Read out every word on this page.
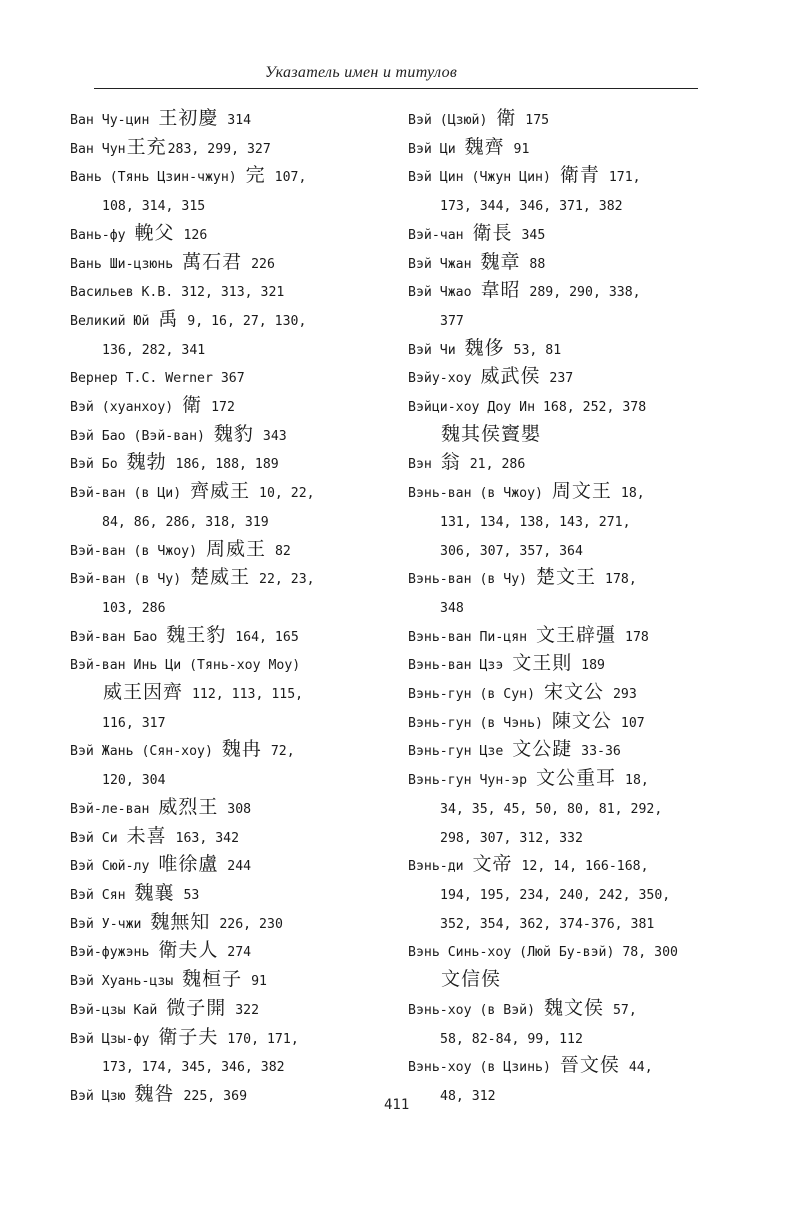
Указатель имен и титулов
Ван Чу-цин 王初慶 314
Ван Чун王充283, 299, 327
Вань (Тянь Цзин-чжун) 完 107,
108, 314, 315
Вань-фу 輓父 126
Вань Ши-цзюнь 萬石君 226
Васильев К.В. 312, 313, 321
Великий Юй 禹 9, 16, 27, 130,
136, 282, 341
Вернер Т.С. Werner 367
Вэй (хуанхоу) 衛 172
Вэй Бао (Вэй-ван) 魏豹 343
Вэй Бо 魏勃 186, 188, 189
Вэй-ван (в Ци) 齊威王 10, 22,
84, 86, 286, 318, 319
Вэй-ван (в Чжоу) 周威王 82
Вэй-ван (в Чу) 楚威王 22, 23,
103, 286
Вэй-ван Бао 魏王豹 164, 165
Вэй-ван Инь Ци (Тянь-хоу Моу)
威王因齊 112, 113, 115,
116, 317
Вэй Жань (Сян-хоу) 魏冉 72,
120, 304
Вэй-ле-ван 威烈王 308
Вэй Си 未喜 163, 342
Вэй Сюй-лу 唯徐盧 244
Вэй Сян 魏襄 53
Вэй У-чжи 魏無知 226, 230
Вэй-фужэнь 衛夫人 274
Вэй Хуань-цзы 魏桓子 91
Вэй-цзы Кай 微子開 322
Вэй Цзы-фу 衛子夫 170, 171,
173, 174, 345, 346, 382
Вэй Цзю 魏咎 225, 369
Вэй (Цзюй) 衛 175
Вэй Ци 魏齊 91
Вэй Цин (Чжун Цин) 衛青 171,
173, 344, 346, 371, 382
Вэй-чан 衛長 345
Вэй Чжан 魏章 88
Вэй Чжао 韋昭 289, 290, 338,
377
Вэй Чи 魏侈 53, 81
Вэйу-хоу 威武侯 237
Вэйци-хоу Доу Ин 168, 252, 378
魏其侯竇嬰
Вэн 翁 21, 286
Вэнь-ван (в Чжоу) 周文王 18,
131, 134, 138, 143, 271,
306, 307, 357, 364
Вэнь-ван (в Чу) 楚文王 178,
348
Вэнь-ван Пи-цян 文王辟彊 178
Вэнь-ван Цзэ 文王則 189
Вэнь-гун (в Сун) 宋文公 293
Вэнь-гун (в Чэнь) 陳文公 107
Вэнь-гун Цзе 文公踕 33-36
Вэнь-гун Чун-эр 文公重耳 18,
34, 35, 45, 50, 80, 81, 292,
298, 307, 312, 332
Вэнь-ди 文帝 12, 14, 166-168,
194, 195, 234, 240, 242, 350,
352, 354, 362, 374-376, 381
Вэнь Синь-хоу (Люй Бу-вэй) 78, 300
文信侯
Вэнь-хоу (в Вэй) 魏文侯 57,
58, 82-84, 99, 112
Вэнь-хоу (в Цзинь) 晉文侯 44,
48, 312
411
